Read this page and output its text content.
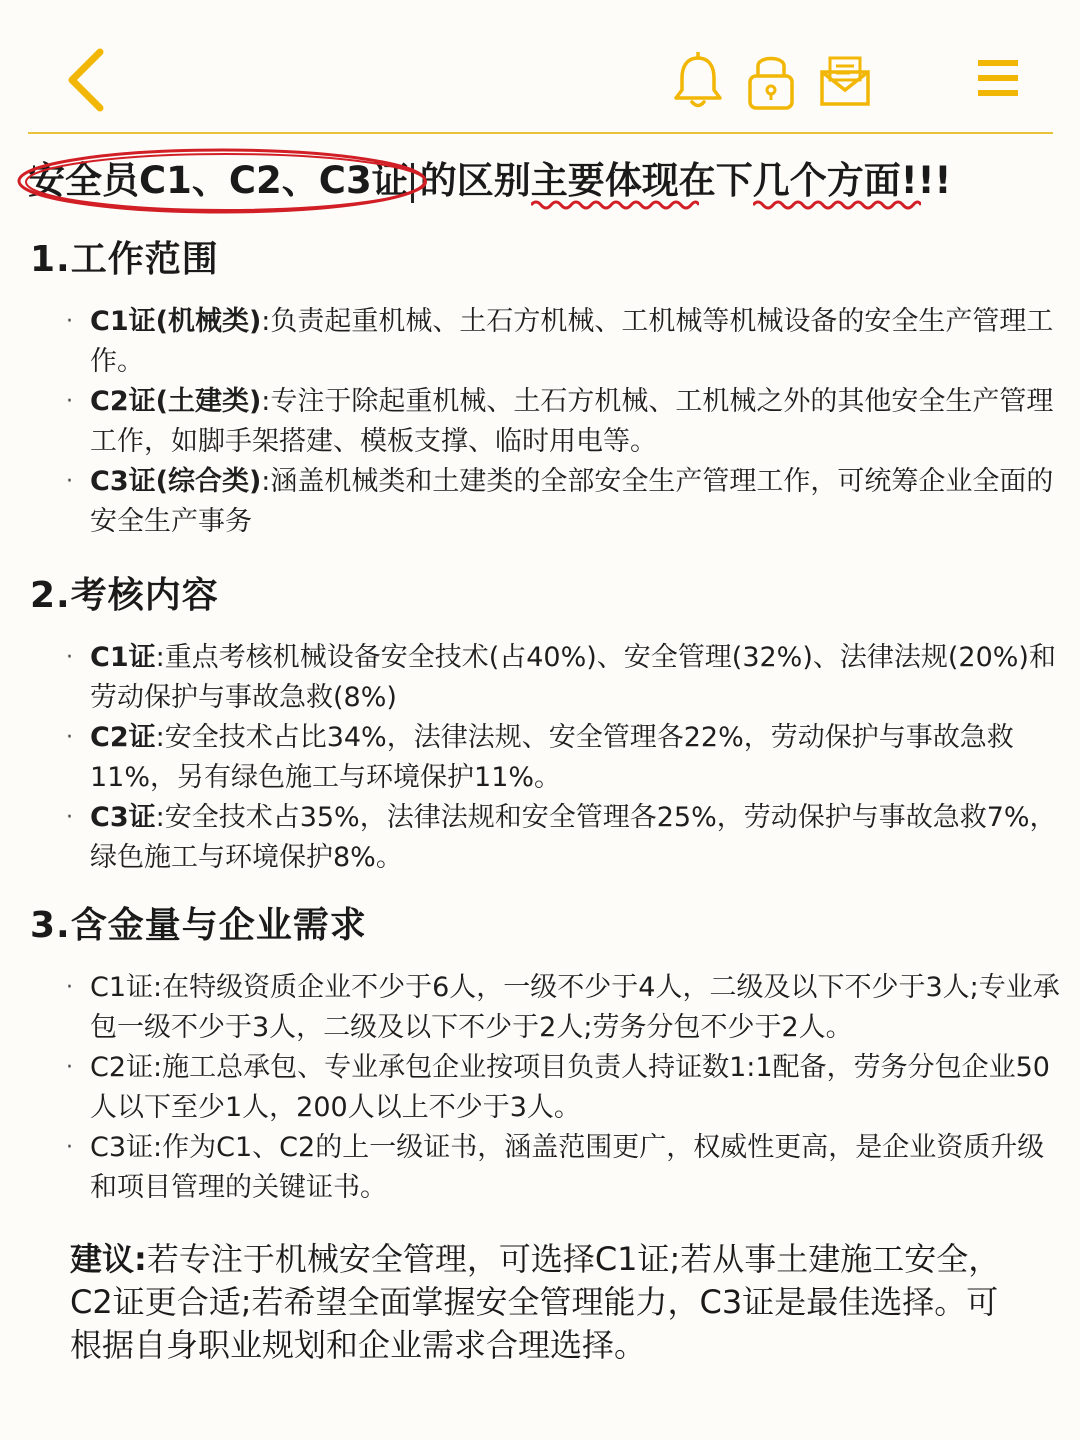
安全员C1、C2、C3证 的区别主要体现
在下几个方面
!!!
1.工作范围
· C1证(机械类):负责起重机械、土石方机械、工机械等机械设备的安全生产管理工作。
· C2证(土建类):专注于除起重机械、土石方机械、工机械之外的其他安全生产管理工作，如脚手架搭建、模板支撑、临时用电等。
· C3证(综合类):涵盖机械类和土建类的全部安全生产管理工作，可统筹企业全面的安全生产事务
2.考核内容
· C1证:重点考核机械设备安全技术(占40%)、安全管理(32%)、法律法规(20%)和劳动保护与事故急救(8%)
· C2证:安全技术占比34%，法律法规、安全管理各22%，劳动保护与事故急救11%，另有绿色施工与环境保护11%。
· C3证:安全技术占35%，法律法规和安全管理各25%，劳动保护与事故急救7%，绿色施工与环境保护8%。
3.含金量与企业需求
· C1证:在特级资质企业不少于6人，一级不少于4人，二级及以下不少于3人;专业承包一级不少于3人，二级及以下不少于2人;劳务分包不少于2人。
· C2证:施工总承包、专业承包企业按项目负责人持证数1:1配备，劳务分包企业50人以下至少1人，200人以上不少于3人。
· C3证:作为C1、C2的上一级证书，涵盖范围更广，权威性更高，是企业资质升级和项目管理的关键证书。
建议:若专注于机械安全管理，可选择C1证;若从事土建施工安全，C2证更合适;若希望全面掌握安全管理能力，C3证是最佳选择。可根据自身职业规划和企业需求合理选择。
